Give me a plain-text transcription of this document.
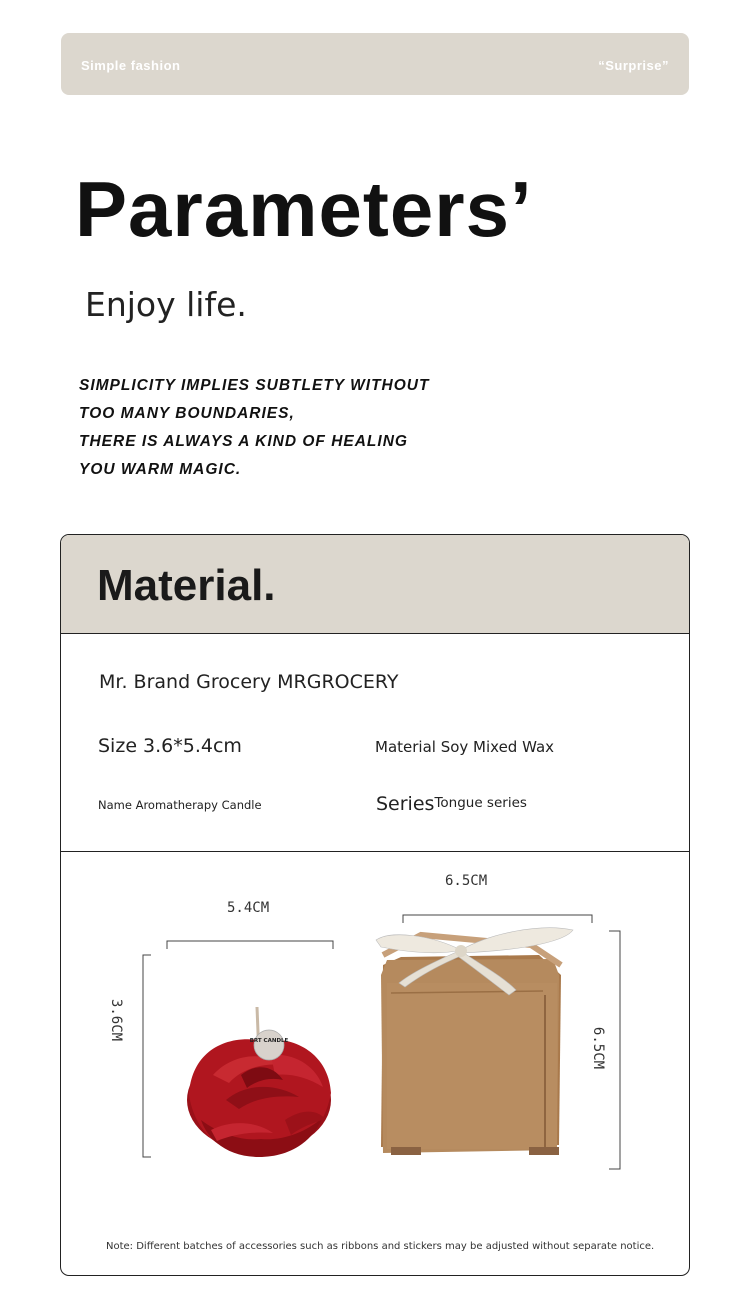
Simple fashion	“Surprise”
Parameters’
Enjoy life.
SIMPLICITY IMPLIES SUBTLETY WITHOUT
TOO MANY BOUNDARIES,
THERE IS ALWAYS A KIND OF HEALING
YOU WARM MAGIC.
Material.
Mr. Brand Grocery MRGROCERY
Size 3.6*5.4cm	Material Soy Mixed Wax
Name Aromatherapy Candle	SeriesTongue series
BRT CANDLE
5.4CM
3.6CM
6.5CM
6.5CM
Note: Different batches of accessories such as ribbons and stickers may be adjusted without separate notice.
